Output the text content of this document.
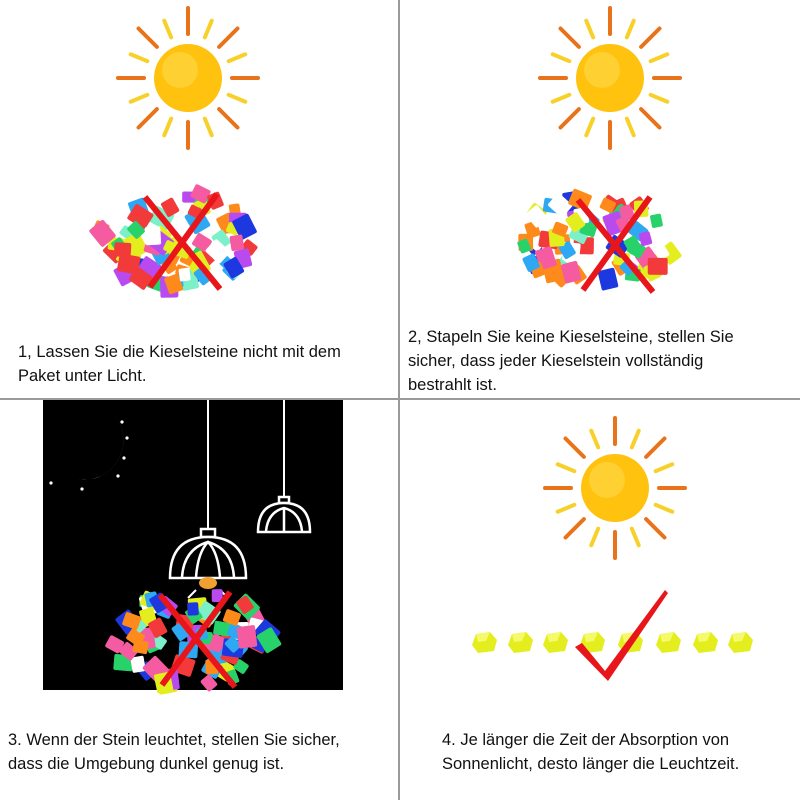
1, Lassen Sie die Kieselsteine nicht mit dem
Paket unter Licht.

2, Stapeln Sie keine Kieselsteine, stellen Sie
sicher, dass jeder Kieselstein vollständig
bestrahlt ist.

3. Wenn der Stein leuchtet, stellen Sie sicher,
dass die Umgebung dunkel genug ist.

4. Je länger die Zeit der Absorption von
Sonnenlicht, desto länger die Leuchtzeit.
